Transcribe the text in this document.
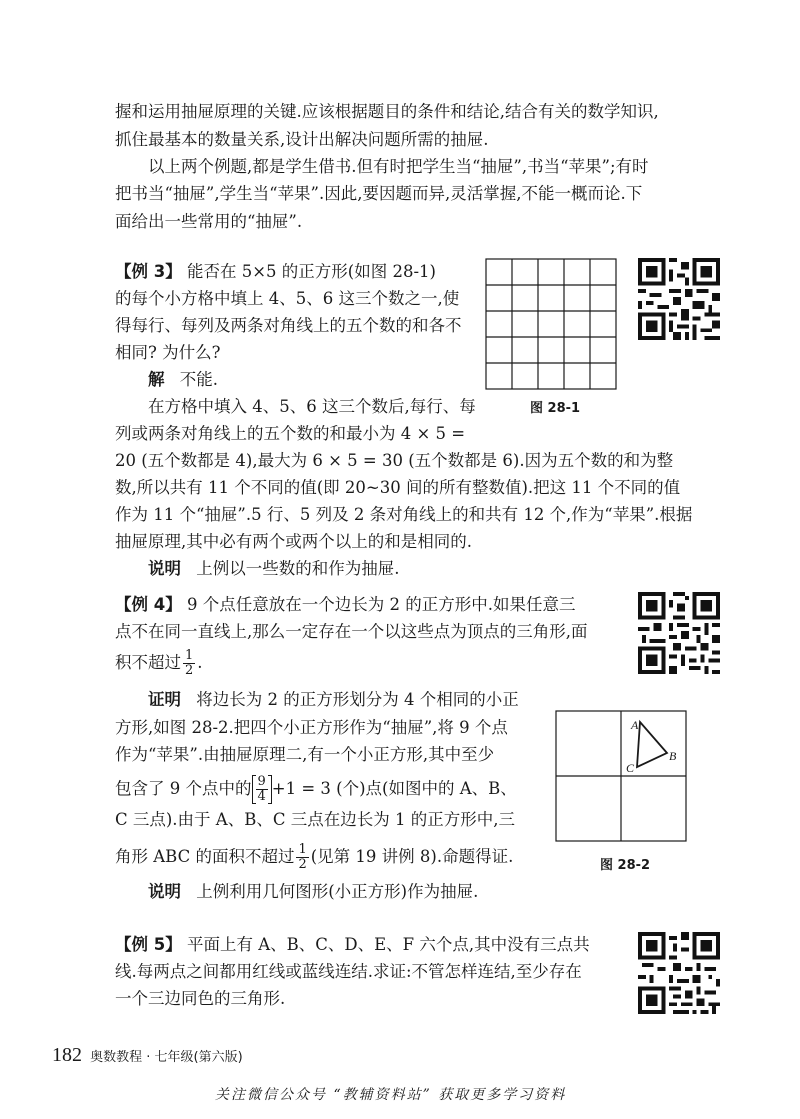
握和运用抽屉原理的关键.应该根据题目的条件和结论,结合有关的数学知识,
抓住最基本的数量关系,设计出解决问题所需的抽屉.
以上两个例题,都是学生借书.但有时把学生当“抽屉”,书当“苹果”;有时
把书当“抽屉”,学生当“苹果”.因此,要因题而异,灵活掌握,不能一概而论.下
面给出一些常用的“抽屉”.
【例 3】 能否在 5×5 的正方形(如图 28-1)
的每个小方格中填上 4、5、6 这三个数之一,使
得每行、每列及两条对角线上的五个数的和各不
相同? 为什么?
解 不能.
在方格中填入 4、5、6 这三个数后,每行、每
列或两条对角线上的五个数的和最小为 4 × 5 =
20 (五个数都是 4),最大为 6 × 5 = 30 (五个数都是 6).因为五个数的和为整
数,所以共有 11 个不同的值(即 20~30 间的所有整数值).把这 11 个不同的值
作为 11 个“抽屉”.5 行、5 列及 2 条对角线上的和共有 12 个,作为“苹果”.根据
抽屉原理,其中必有两个或两个以上的和是相同的.
说明 上例以一些数的和作为抽屉.
图 28-1
【例 4】 9 个点任意放在一个边长为 2 的正方形中.如果任意三
点不在同一直线上,那么一定存在一个以这些点为顶点的三角形,面
积不超过 $\frac{1}{2}$ .
证明 将边长为 2 的正方形划分为 4 个相同的小正
方形,如图 28-2.把四个小正方形作为“抽屉”,将 9 个点
作为“苹果”.由抽屉原理二,有一个小正方形,其中至少
包含了 9 个点中的 $\frac{9}{4} +1 = 3$ (个)点(如图中的 A、B、
C 三点).由于 A、B、C 三点在边长为 1 的正方形中,三
角形 ABC 的面积不超过 $\frac{1}{2}$ (见第 19 讲例 8).命题得证.
说明 上例利用几何图形(小正方形)作为抽屉.
A
B
C
图 28-2
【例 5】 平面上有 A、B、C、D、E、F 六个点,其中没有三点共
线.每两点之间都用红线或蓝线连结.求证:不管怎样连结,至少存在
一个三边同色的三角形.
182 奥数教程 · 七年级(第六版)
关注微信公众号 “教辅资料站” 获取更多学习资料
